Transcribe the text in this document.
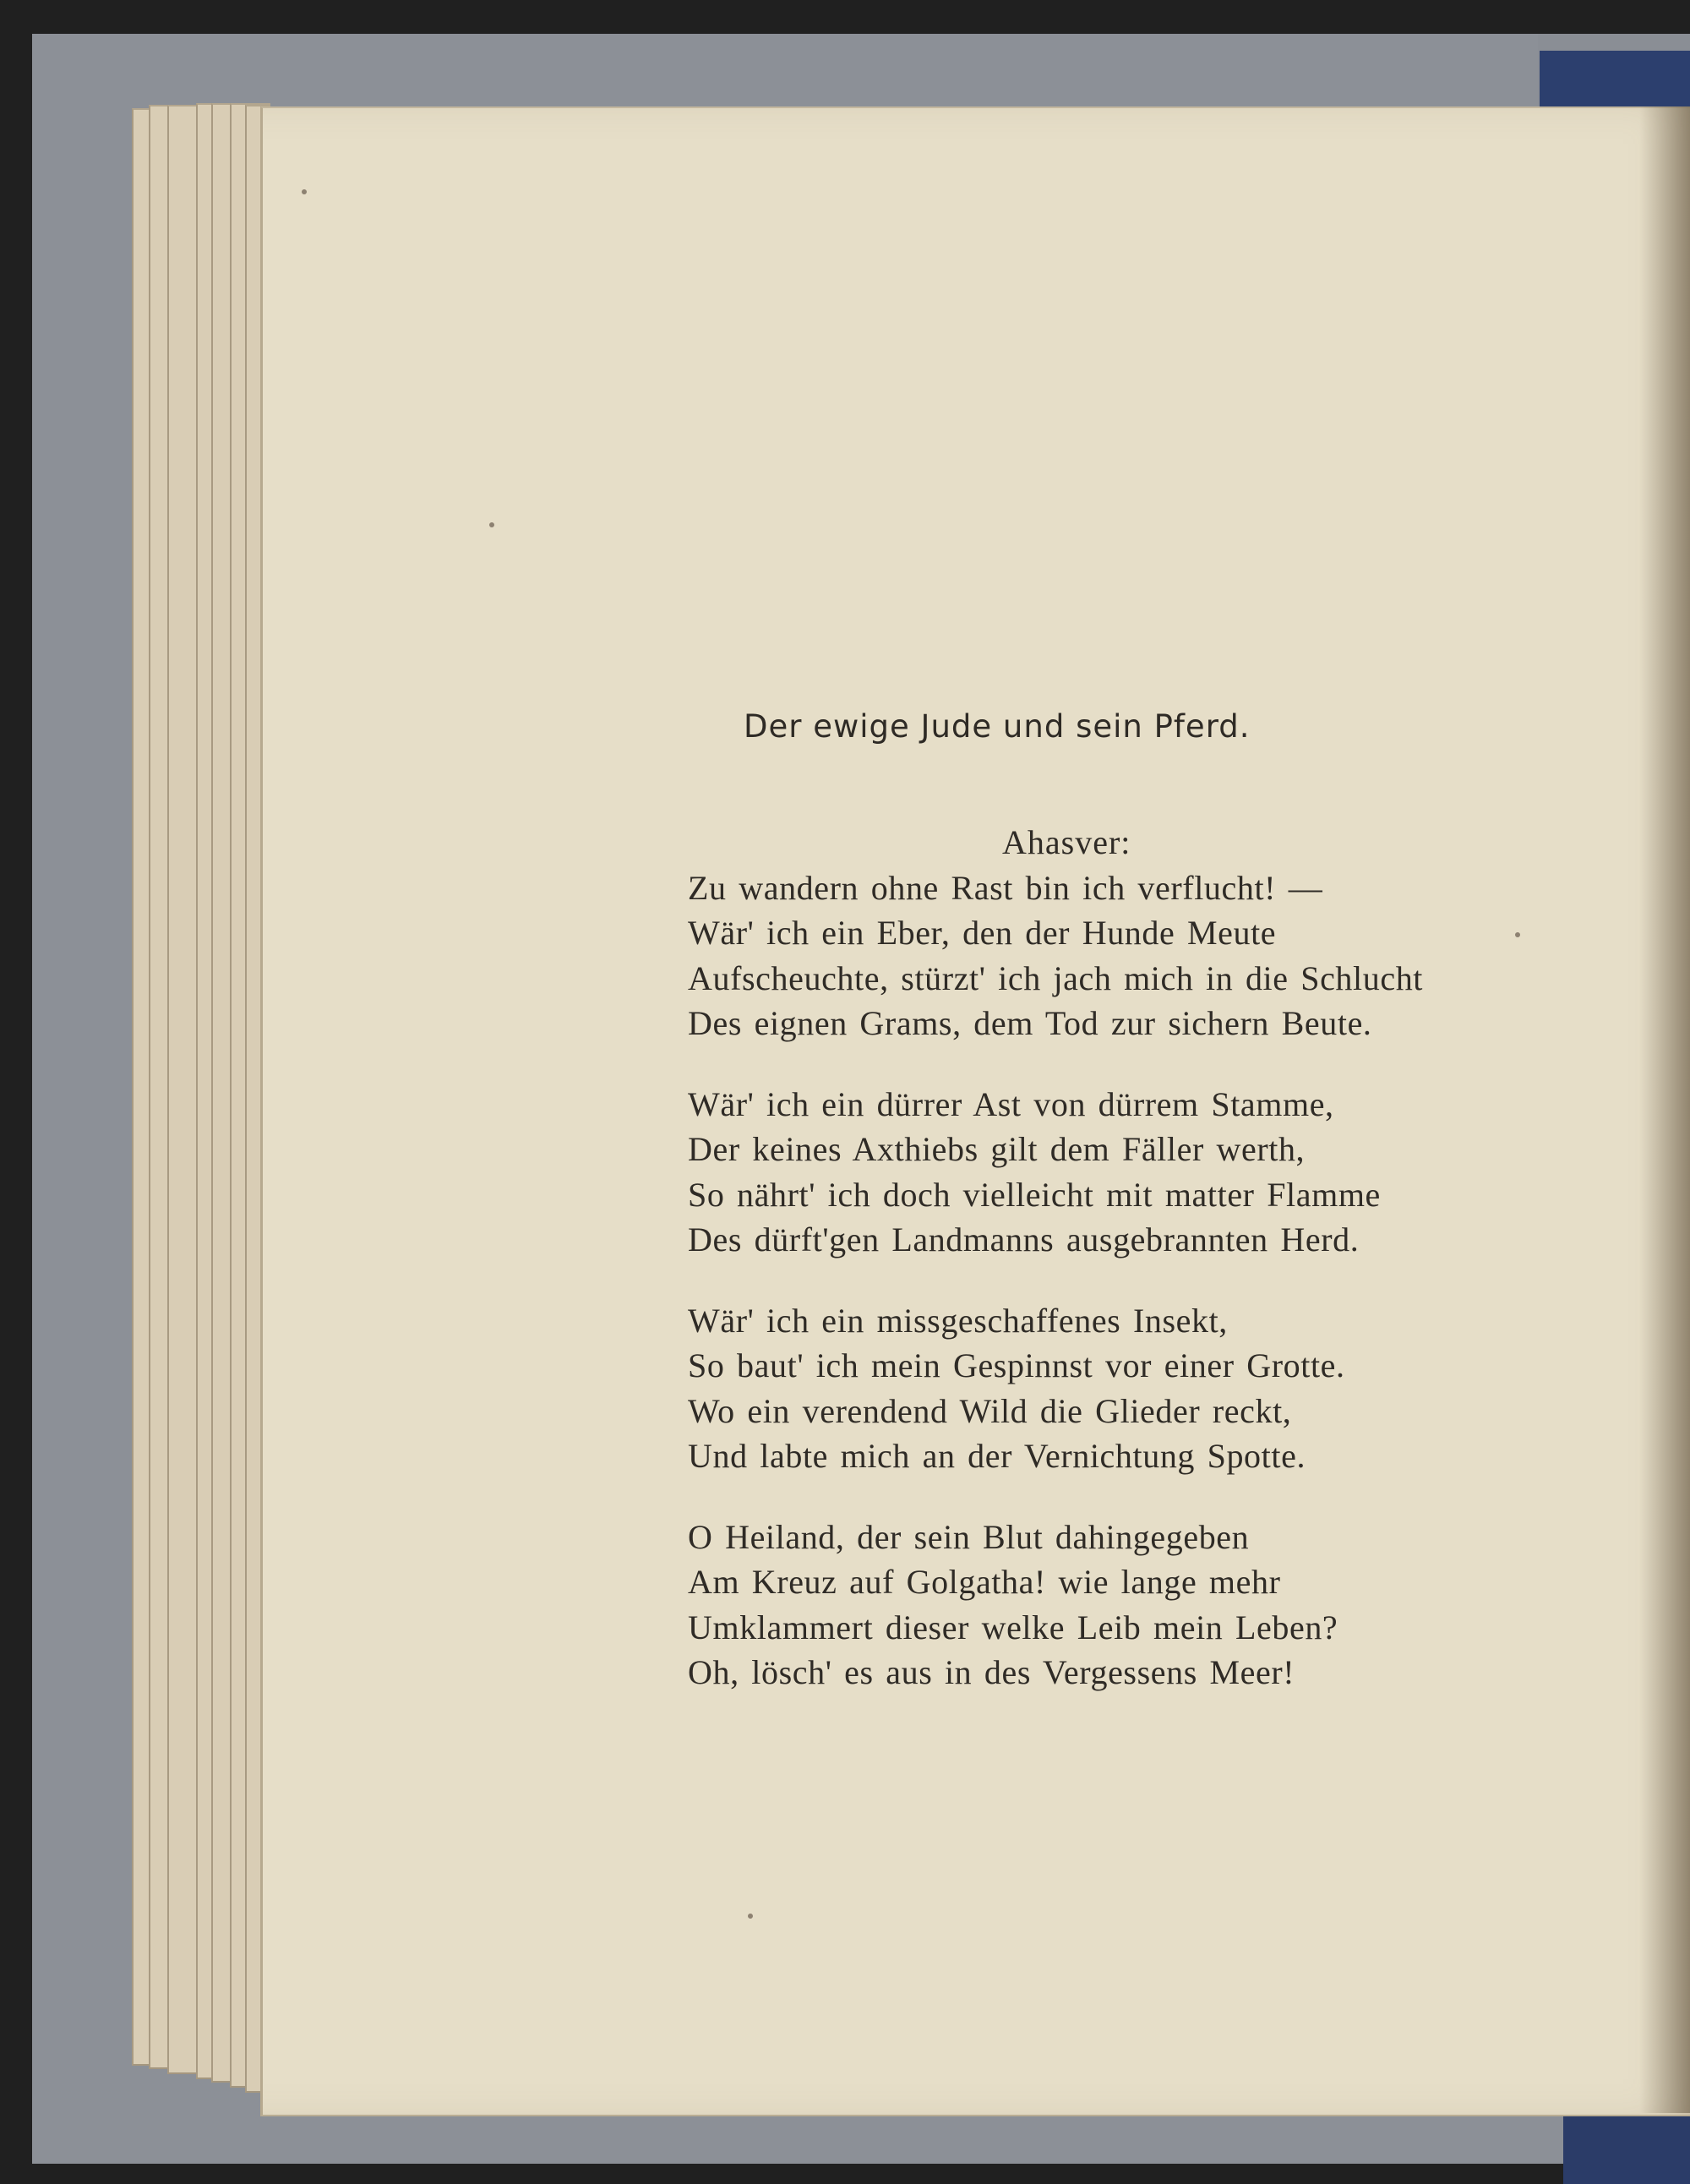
Der ewige Jude und sein Pferd.
Ahasver:
Zu wandern ohne Rast bin ich verflucht! —
Wär' ich ein Eber, den der Hunde Meute
Aufscheuchte, stürzt' ich jach mich in die Schlucht
Des eignen Grams, dem Tod zur sichern Beute.
Wär' ich ein dürrer Ast von dürrem Stamme,
Der keines Axthiebs gilt dem Fäller werth,
So nährt' ich doch vielleicht mit matter Flamme
Des dürft'gen Landmanns ausgebrannten Herd.
Wär' ich ein missgeschaffenes Insekt,
So baut' ich mein Gespinnst vor einer Grotte.
Wo ein verendend Wild die Glieder reckt,
Und labte mich an der Vernichtung Spotte.
O Heiland, der sein Blut dahingegeben
Am Kreuz auf Golgatha! wie lange mehr
Umklammert dieser welke Leib mein Leben?
Oh, lösch' es aus in des Vergessens Meer!
